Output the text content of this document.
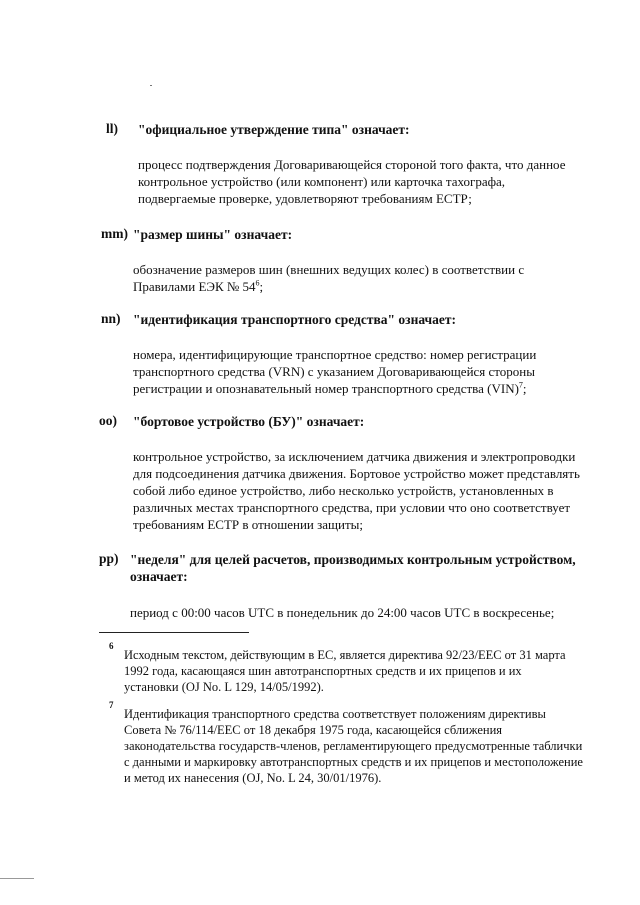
ll) "официальное утверждение типа" означает:
процесс подтверждения Договаривающейся стороной того факта, что данное контрольное устройство (или компонент) или карточка тахографа, подвергаемые проверке, удовлетворяют требованиям ЕСТР;
mm) "размер шины" означает:
обозначение размеров шин (внешних ведущих колес) в соответствии с Правилами ЕЭК № $54^6$;
nn) "идентификация транспортного средства" означает:
номера, идентифицирующие транспортное средство: номер регистрации транспортного средства (VRN) с указанием Договаривающейся стороны регистрации и опознавательный номер транспортного средства (VIN)$^7$;
oo) "бортовое устройство (БУ)" означает:
контрольное устройство, за исключением датчика движения и электропроводки для подсоединения датчика движения. Бортовое устройство может представлять собой либо единое устройство, либо несколько устройств, установленных в различных местах транспортного средства, при условии что оно соответствует требованиям ЕСТР в отношении защиты;
pp) "неделя" для целей расчетов, производимых контрольным устройством,
означает:
период с 00:00 часов UTC в понедельник до 24:00 часов UTC в воскресенье;
6
Исходным текстом, действующим в ЕС, является директива 92/23/ЕЕС от 31 марта 1992 года, касающаяся шин автотранспортных средств и их прицепов и их установки (OJ No. L 129, 14/05/1992).
7
Идентификация транспортного средства соответствует положениям директивы Совета № 76/114/ЕЕС от 18 декабря 1975 года, касающейся сближения законодательства государств-членов, регламентирующего предусмотренные таблички с данными и маркировку автотранспортных средств и их прицепов и местоположение и метод их нанесения (OJ, No. L 24, 30/01/1976).
